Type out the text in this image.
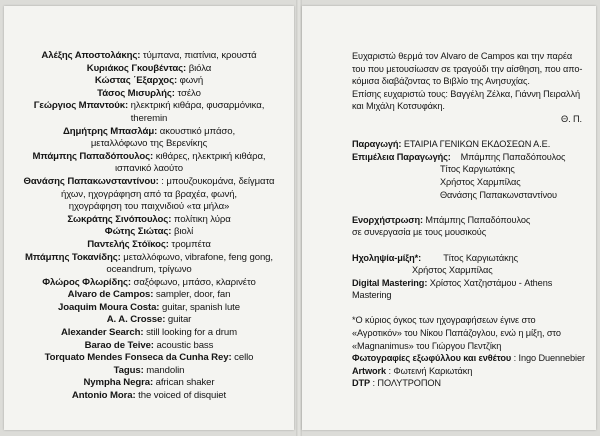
Αλέξης Αποστολάκης: τύμπανα, πιατίνια, κρουστά
Κυριάκος Γκουβέντας: βιόλα
Κώστας ΄Εξαρχος: φωνή
Τάσος Μισυρλής: τσέλο
Γεώργιος Μπαντούκ: ηλεκτρική κιθάρα, φυσαρμόνικα,
theremin
Δημήτρης Μπασλάμ: ακουστικό μπάσο,
μεταλλόφωνο της Βερενίκης
Μπάμπης Παπαδόπουλος: κιθάρες, ηλεκτρική κιθάρα,
ισπανικό λαούτο
Θανάσης Παπακωνσταντίνου: : μπουζουκομάνα, δείγματα
ήχων, ηχογράφηση από τα βραχέα, φωνή,
ηχογράφηση του παιχνιδιού «τα μήλα»
Σωκράτης Σινόπουλος: πολίτικη λύρα
Φώτης Σιώτας: βιολί
Παντελής Στόϊκος: τρομπέτα
Μπάμπης Τοκανίδης: μεταλλόφωνο, vibrafone, feng gong,
oceandrum, τρίγωνο
Φλώρος Φλωρίδης: σαξόφωνο, μπάσο, κλαρινέτο
Alvaro de Campos: sampler, door, fan
Joaquim Moura Costa: guitar, spanish lute
A. A. Crosse: guitar
Alexander Search: still looking for a drum
Barao de Teive: acoustic bass
Torquato Mendes Fonseca da Cunha Rey: cello
Tagus: mandolin
Nympha Negra: african shaker
Antonio Mora: the voiced of disquiet
Ευχαριστώ θερμά τον Alvaro de Campos και την παρέα
του που μετουσίωσαν σε τραγούδι την αίσθηση, που απο-
κόμισα διαβάζοντας το Βιβλίο της Ανησυχίας.
Επίσης ευχαριστώ τους: Βαγγέλη Ζέλκα, Γιάννη Πειραλλή
και Μιχάλη Κοτσυφάκη.
Θ. Π.
Παραγωγή: ΕΤΑΙΡΙΑ ΓΕΝΙΚΩΝ ΕΚΔΟΣΕΩΝ Α.Ε.
Επιμέλεια Παραγωγής: Μπάμπης Παπαδόπουλος
Τίτος Καργιωτάκης
Χρήστος Χαρμπίλας
Θανάσης Παπακωνσταντίνου
Ενορχήστρωση: Μπάμπης Παπαδόπουλος
σε συνεργασία με τους μουσικούς
Ηχοληψία-μίξη*: Τίτος Καργιωτάκης
Χρήστος Χαρμπίλας
Digital Mastering: Χρίστος Χατζηστάμου - Athens
Mastering
*Ο κύριος όγκος των ηχογραφήσεων έγινε στο
«Αγροτικόν» του Νίκου Παπάζογλου, ενώ η μίξη, στο
«Magnanimus» του Γιώργου Πεντζίκη
Φωτογραφίες εξωφύλλου και ενθέτου : Ingo Duennebier
Artwork : Φωτεινή Καριωτάκη
DTP : ΠΟΛΥΤΡΟΠΟΝ
